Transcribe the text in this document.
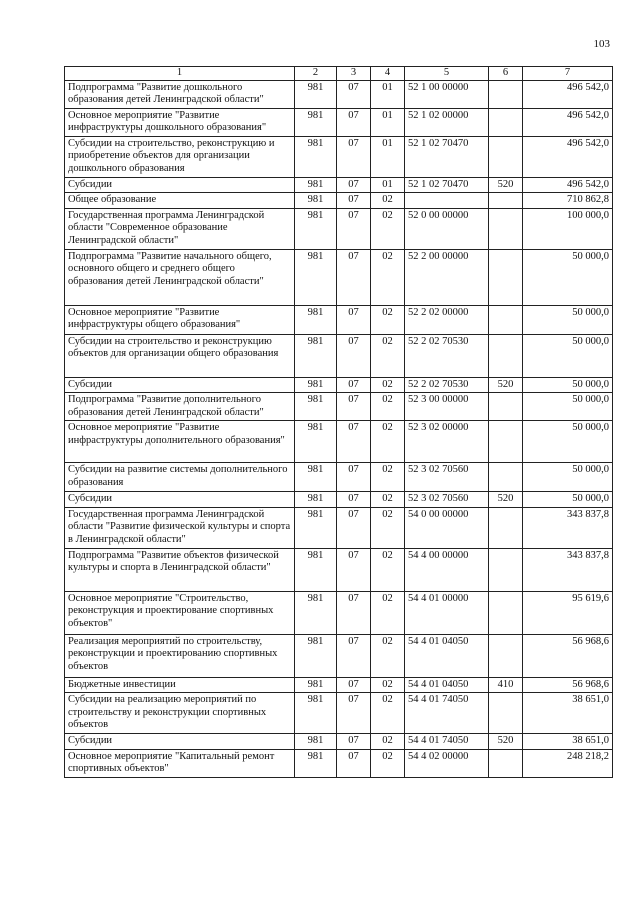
103
1	2	3	4	5	6	7
Подпрограмма "Развитие дошкольного образования детей Ленинградской области"	981	07	01	52 1 00 00000		496 542,0
Основное мероприятие "Развитие инфраструктуры дошкольного образования"	981	07	01	52 1 02 00000		496 542,0
Субсидии на строительство, реконструкцию и приобретение объектов для организации дошкольного образования	981	07	01	52 1 02 70470		496 542,0
Субсидии	981	07	01	52 1 02 70470	520	496 542,0
Общее образование	981	07	02			710 862,8
Государственная программа Ленинградской области "Современное образование Ленинградской области"	981	07	02	52 0 00 00000		100 000,0
Подпрограмма "Развитие начального общего, основного общего и среднего общего образования детей Ленинградской области"	981	07	02	52 2 00 00000		50 000,0
Основное мероприятие "Развитие инфраструктуры общего образования"	981	07	02	52 2 02 00000		50 000,0
Субсидии на строительство и реконструкцию объектов для организации общего образования	981	07	02	52 2 02 70530		50 000,0
Субсидии	981	07	02	52 2 02 70530	520	50 000,0
Подпрограмма "Развитие дополнительного образования детей Ленинградской области"	981	07	02	52 3 00 00000		50 000,0
Основное мероприятие "Развитие инфраструктуры дополнительного образования"	981	07	02	52 3 02 00000		50 000,0
Субсидии на развитие системы дополнительного образования	981	07	02	52 3 02 70560		50 000,0
Субсидии	981	07	02	52 3 02 70560	520	50 000,0
Государственная программа Ленинградской области "Развитие физической культуры и спорта в Ленинградской области"	981	07	02	54 0 00 00000		343 837,8
Подпрограмма "Развитие объектов физической культуры и спорта в Ленинградской области"	981	07	02	54 4 00 00000		343 837,8
Основное мероприятие "Строительство, реконструкция и проектирование спортивных объектов"	981	07	02	54 4 01 00000		95 619,6
Реализация мероприятий по строительству, реконструкции и проектированию спортивных объектов	981	07	02	54 4 01 04050		56 968,6
Бюджетные инвестиции	981	07	02	54 4 01 04050	410	56 968,6
Субсидии на реализацию мероприятий по строительству и реконструкции спортивных объектов	981	07	02	54 4 01 74050		38 651,0
Субсидии	981	07	02	54 4 01 74050	520	38 651,0
Основное мероприятие "Капитальный ремонт спортивных объектов"	981	07	02	54 4 02 00000		248 218,2
